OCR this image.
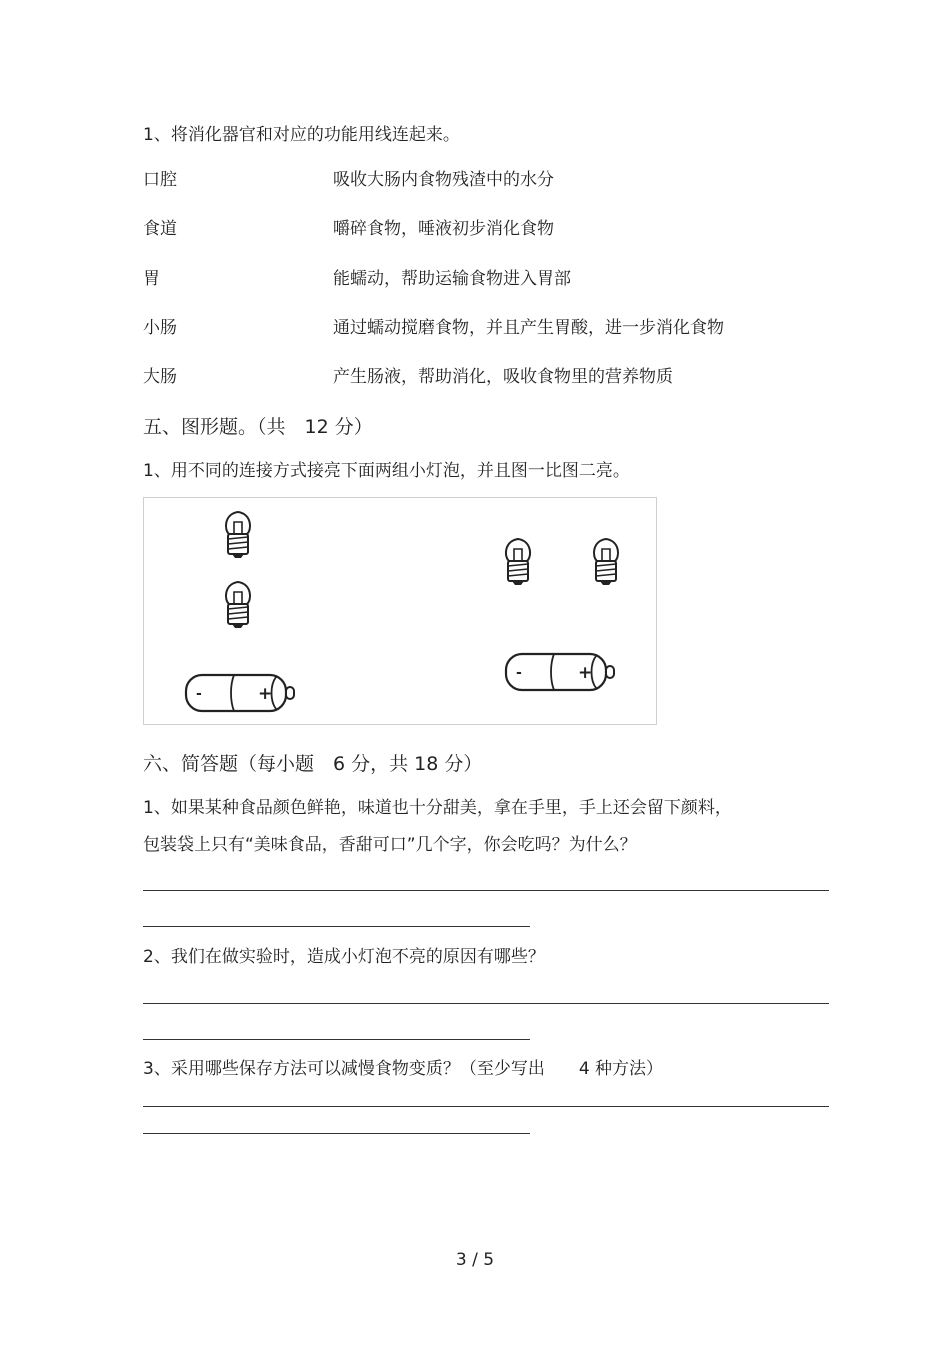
1、将消化器官和对应的功能用线连起来。
口腔	吸收大肠内食物残渣中的水分
食道	嚼碎食物，唾液初步消化食物
胃	能蠕动，帮助运输食物进入胃部
小肠	通过蠕动搅磨食物，并且产生胃酸，进一步消化食物
大肠	产生肠液，帮助消化，吸收食物里的营养物质
五、图形题。（共　12 分）
1、用不同的连接方式接亮下面两组小灯泡，并且图一比图二亮。
-	+
-	+
六、简答题（每小题　6 分，共 18 分）
1、如果某种食品颜色鲜艳，味道也十分甜美，拿在手里，手上还会留下颜料，
包装袋上只有“美味食品，香甜可口”几个字，你会吃吗？为什么？
2、我们在做实验时，造成小灯泡不亮的原因有哪些？
3、采用哪些保存方法可以减慢食物变质？（至少写出　　4 种方法）
3 / 5
